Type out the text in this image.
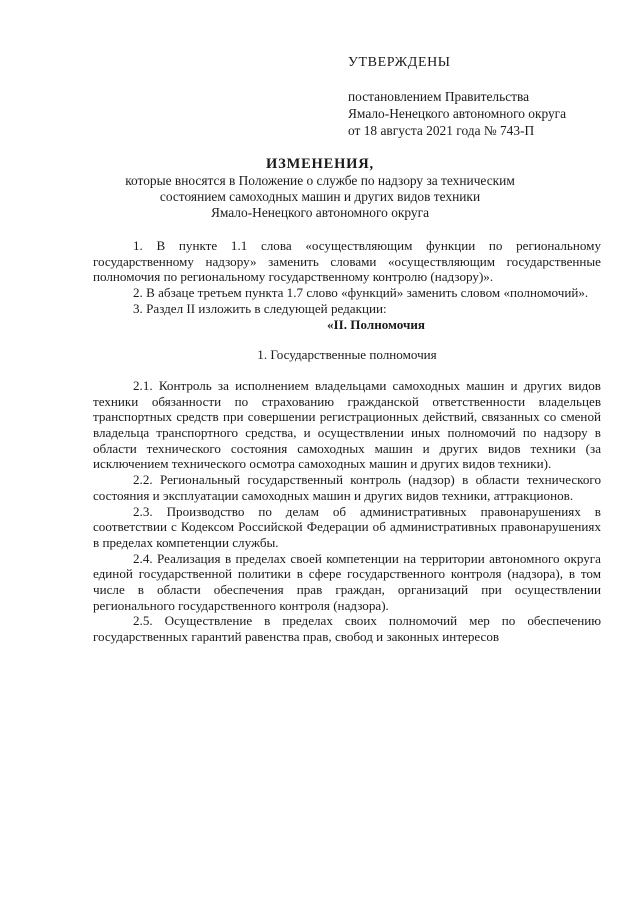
УТВЕРЖДЕНЫ
постановлением Правительства
Ямало-Ненецкого автономного округа
от 18 августа 2021 года № 743-П
ИЗМЕНЕНИЯ,
которые вносятся в Положение о службе по надзору за техническим
состоянием самоходных машин и других видов техники
Ямало-Ненецкого автономного округа
1. В пункте 1.1 слова «осуществляющим функции по региональному государственному надзору» заменить словами «осуществляющим государственные полномочия по региональному государственному контролю (надзору)».
2. В абзаце третьем пункта 1.7 слово «функций» заменить словом «полномочий».
3. Раздел II изложить в следующей редакции:
«II. Полномочия
1. Государственные полномочия
2.1. Контроль за исполнением владельцами самоходных машин и других видов техники обязанности по страхованию гражданской ответственности владельцев транспортных средств при совершении регистрационных действий, связанных со сменой владельца транспортного средства, и осуществлении иных полномочий по надзору в области технического состояния самоходных машин и других видов техники (за исключением технического осмотра самоходных машин и других видов техники).
2.2. Региональный государственный контроль (надзор) в области технического состояния и эксплуатации самоходных машин и других видов техники, аттракционов.
2.3. Производство по делам об административных правонарушениях в соответствии с Кодексом Российской Федерации об административных правонарушениях в пределах компетенции службы.
2.4. Реализация в пределах своей компетенции на территории автономного округа единой государственной политики в сфере государственного контроля (надзора), в том числе в области обеспечения прав граждан, организаций при осуществлении регионального государственного контроля (надзора).
2.5. Осуществление в пределах своих полномочий мер по обеспечению государственных гарантий равенства прав, свобод и законных интересов
